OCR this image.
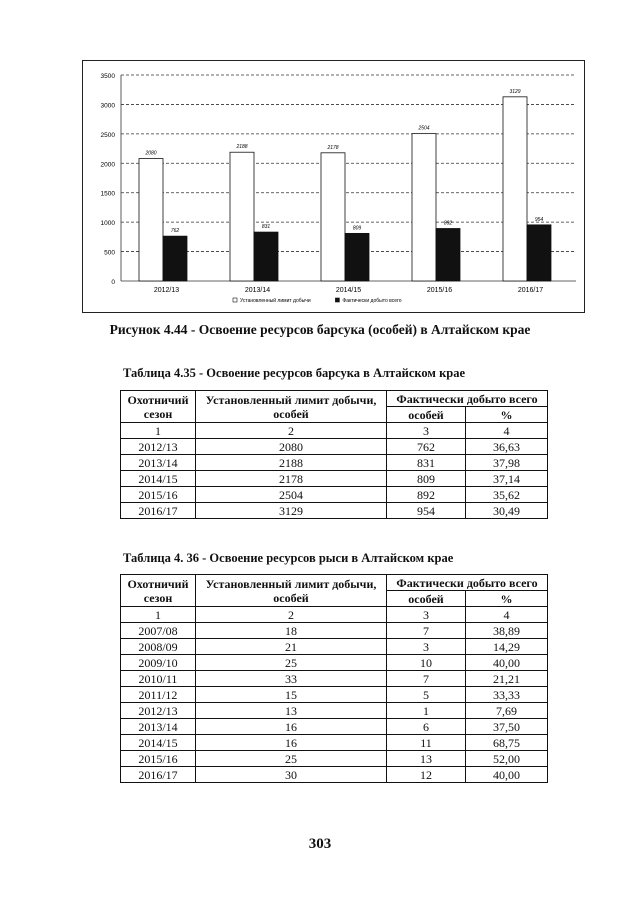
0
500
1000
1500
2000
2500
3000
3500
2080
762
2012/13
2188
831
2013/14
2178
809
2014/15
2504
892
2015/16
3129
954
2016/17
Установленный лимит добычи	Фактически добыто всего
Рисунок 4.44 - Освоение ресурсов барсука (особей) в Алтайском крае
Таблица 4.35 - Освоение ресурсов барсука в Алтайском крае
Охотничий сезон	Установленный лимит добычи, особей	Фактически добыто всего	
		особей	%
1	2	3	4
2012/13	2080	762	36,63
2013/14	2188	831	37,98
2014/15	2178	809	37,14
2015/16	2504	892	35,62
2016/17	3129	954	30,49
Таблица 4. 36 - Освоение ресурсов рыси в Алтайском крае
Охотничий сезон	Установленный лимит добычи, особей	Фактически добыто всего	
		особей	%
1	2	3	4
2007/08	18	7	38,89
2008/09	21	3	14,29
2009/10	25	10	40,00
2010/11	33	7	21,21
2011/12	15	5	33,33
2012/13	13	1	7,69
2013/14	16	6	37,50
2014/15	16	11	68,75
2015/16	25	13	52,00
2016/17	30	12	40,00
303
